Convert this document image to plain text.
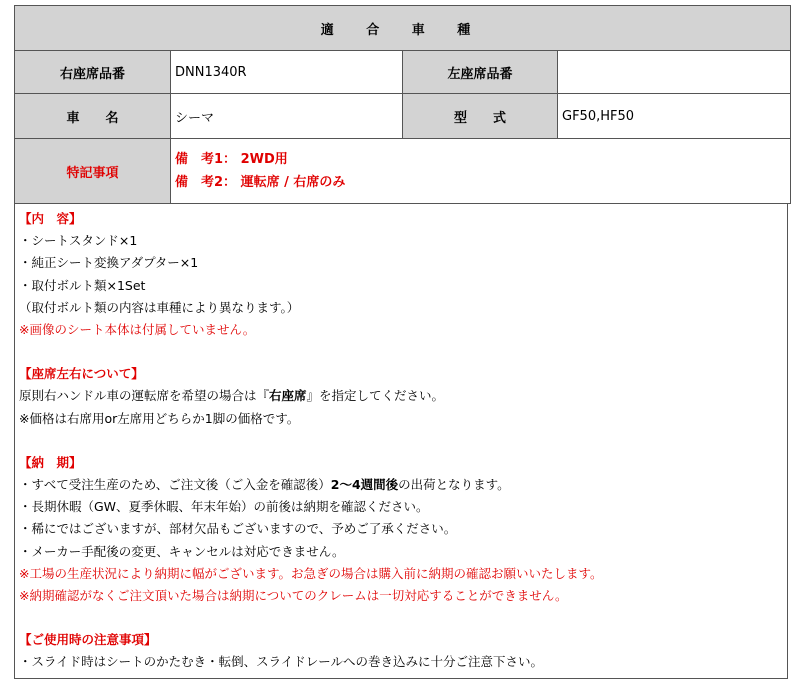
適 合 車 種			
右座席品番	DNN1340R	左座席品番	
車　　名	シーマ	型　　式	GF50,HF50
特記事項	備　考1： 2WD用
備　考2： 運転席 / 右席のみ		

【内　容】

・シートスタンド×1

・純正シート変換アダプター×1

・取付ボルト類×1Set

（取付ボルト類の内容は車種により異なります。）

※画像のシート本体は付属していません。

【座席左右について】

原則右ハンドル車の運転席を希望の場合は『右座席』を指定してください。

※価格は右席用or左席用どちらか1脚の価格です。

【納　期】

・すべて受注生産のため、ご注文後（ご入金を確認後）2～4週間後の出荷となります。

・長期休暇（GW、夏季休暇、年末年始）の前後は納期を確認ください。

・稀にではございますが、部材欠品もございますので、予めご了承ください。

・メーカー手配後の変更、キャンセルは対応できません。

※工場の生産状況により納期に幅がございます。お急ぎの場合は購入前に納期の確認お願いいたします。

※納期確認がなくご注文頂いた場合は納期についてのクレームは一切対応することができません。

【ご使用時の注意事項】

・スライド時はシートのかたむき・転倒、スライドレールへの巻き込みに十分ご注意下さい。
